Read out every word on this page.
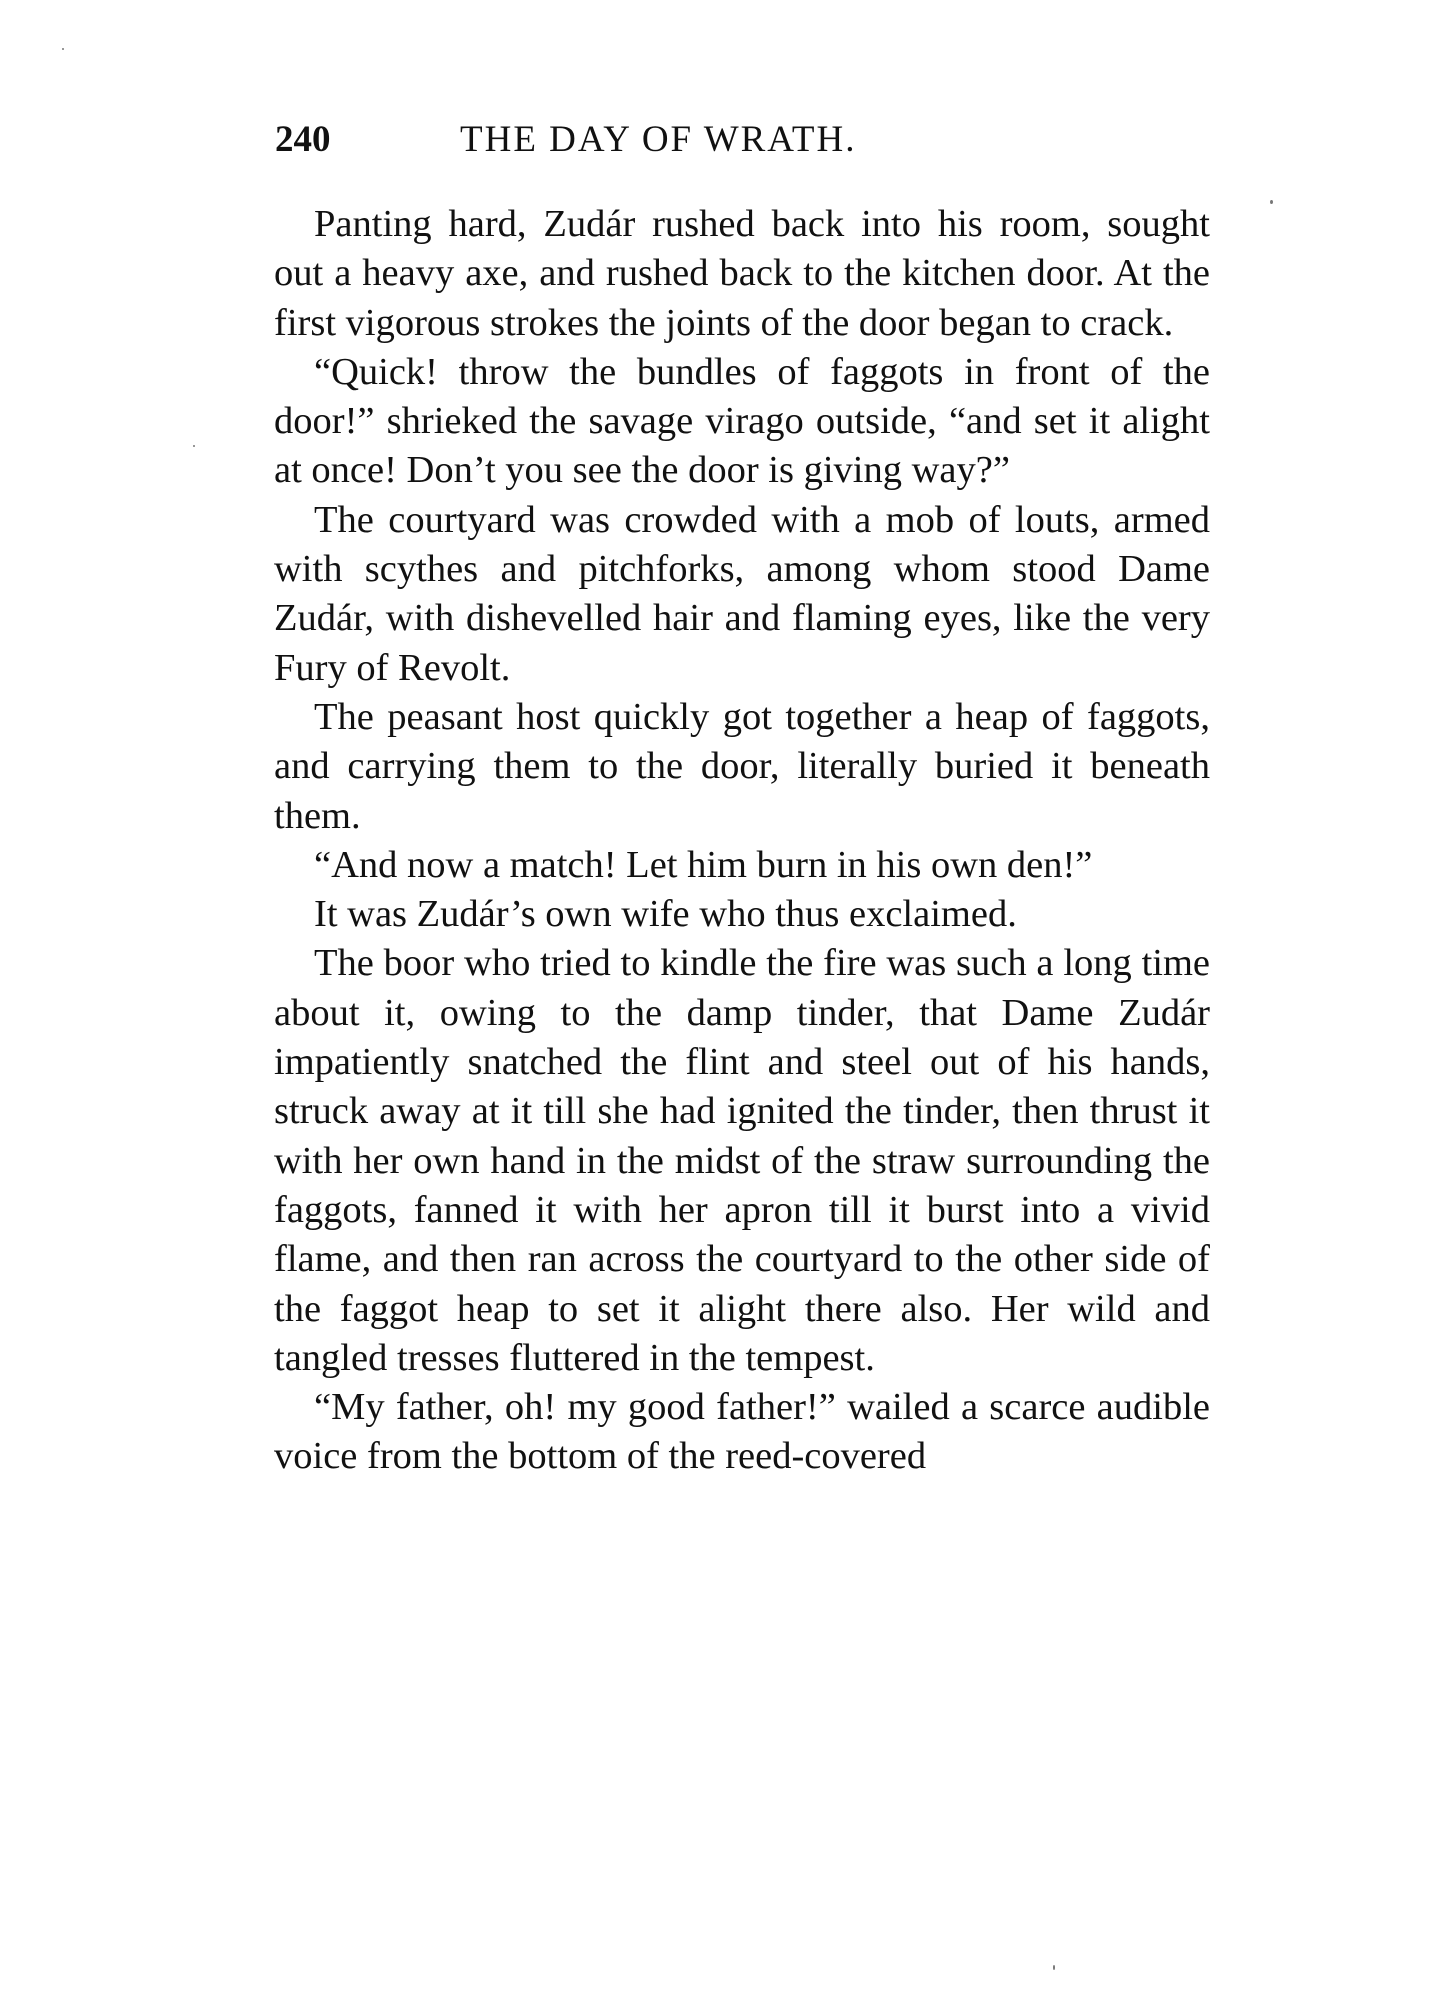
240	THE DAY OF WRATH.

Panting hard, Zudár rushed back into his room, sought out a heavy axe, and rushed back to the kitchen door. At the first vigorous strokes the joints of the door began to crack.

“Quick! throw the bundles of faggots in front of the door!” shrieked the savage virago outside, “and set it alight at once! Don’t you see the door is giving way?”

The courtyard was crowded with a mob of louts, armed with scythes and pitchforks, among whom stood Dame Zudár, with dishevelled hair and flaming eyes, like the very Fury of Revolt.

The peasant host quickly got together a heap of faggots, and carrying them to the door, literally buried it beneath them.

“And now a match! Let him burn in his own den!”

It was Zudár’s own wife who thus exclaimed.

The boor who tried to kindle the fire was such a long time about it, owing to the damp tinder, that Dame Zudár impatiently snatched the flint and steel out of his hands, struck away at it till she had ignited the tinder, then thrust it with her own hand in the midst of the straw surrounding the faggots, fanned it with her apron till it burst into a vivid flame, and then ran across the courtyard to the other side of the faggot heap to set it alight there also. Her wild and tangled tresses fluttered in the tempest.

“My father, oh! my good father!” wailed a scarce audible voice from the bottom of the reed-covered
